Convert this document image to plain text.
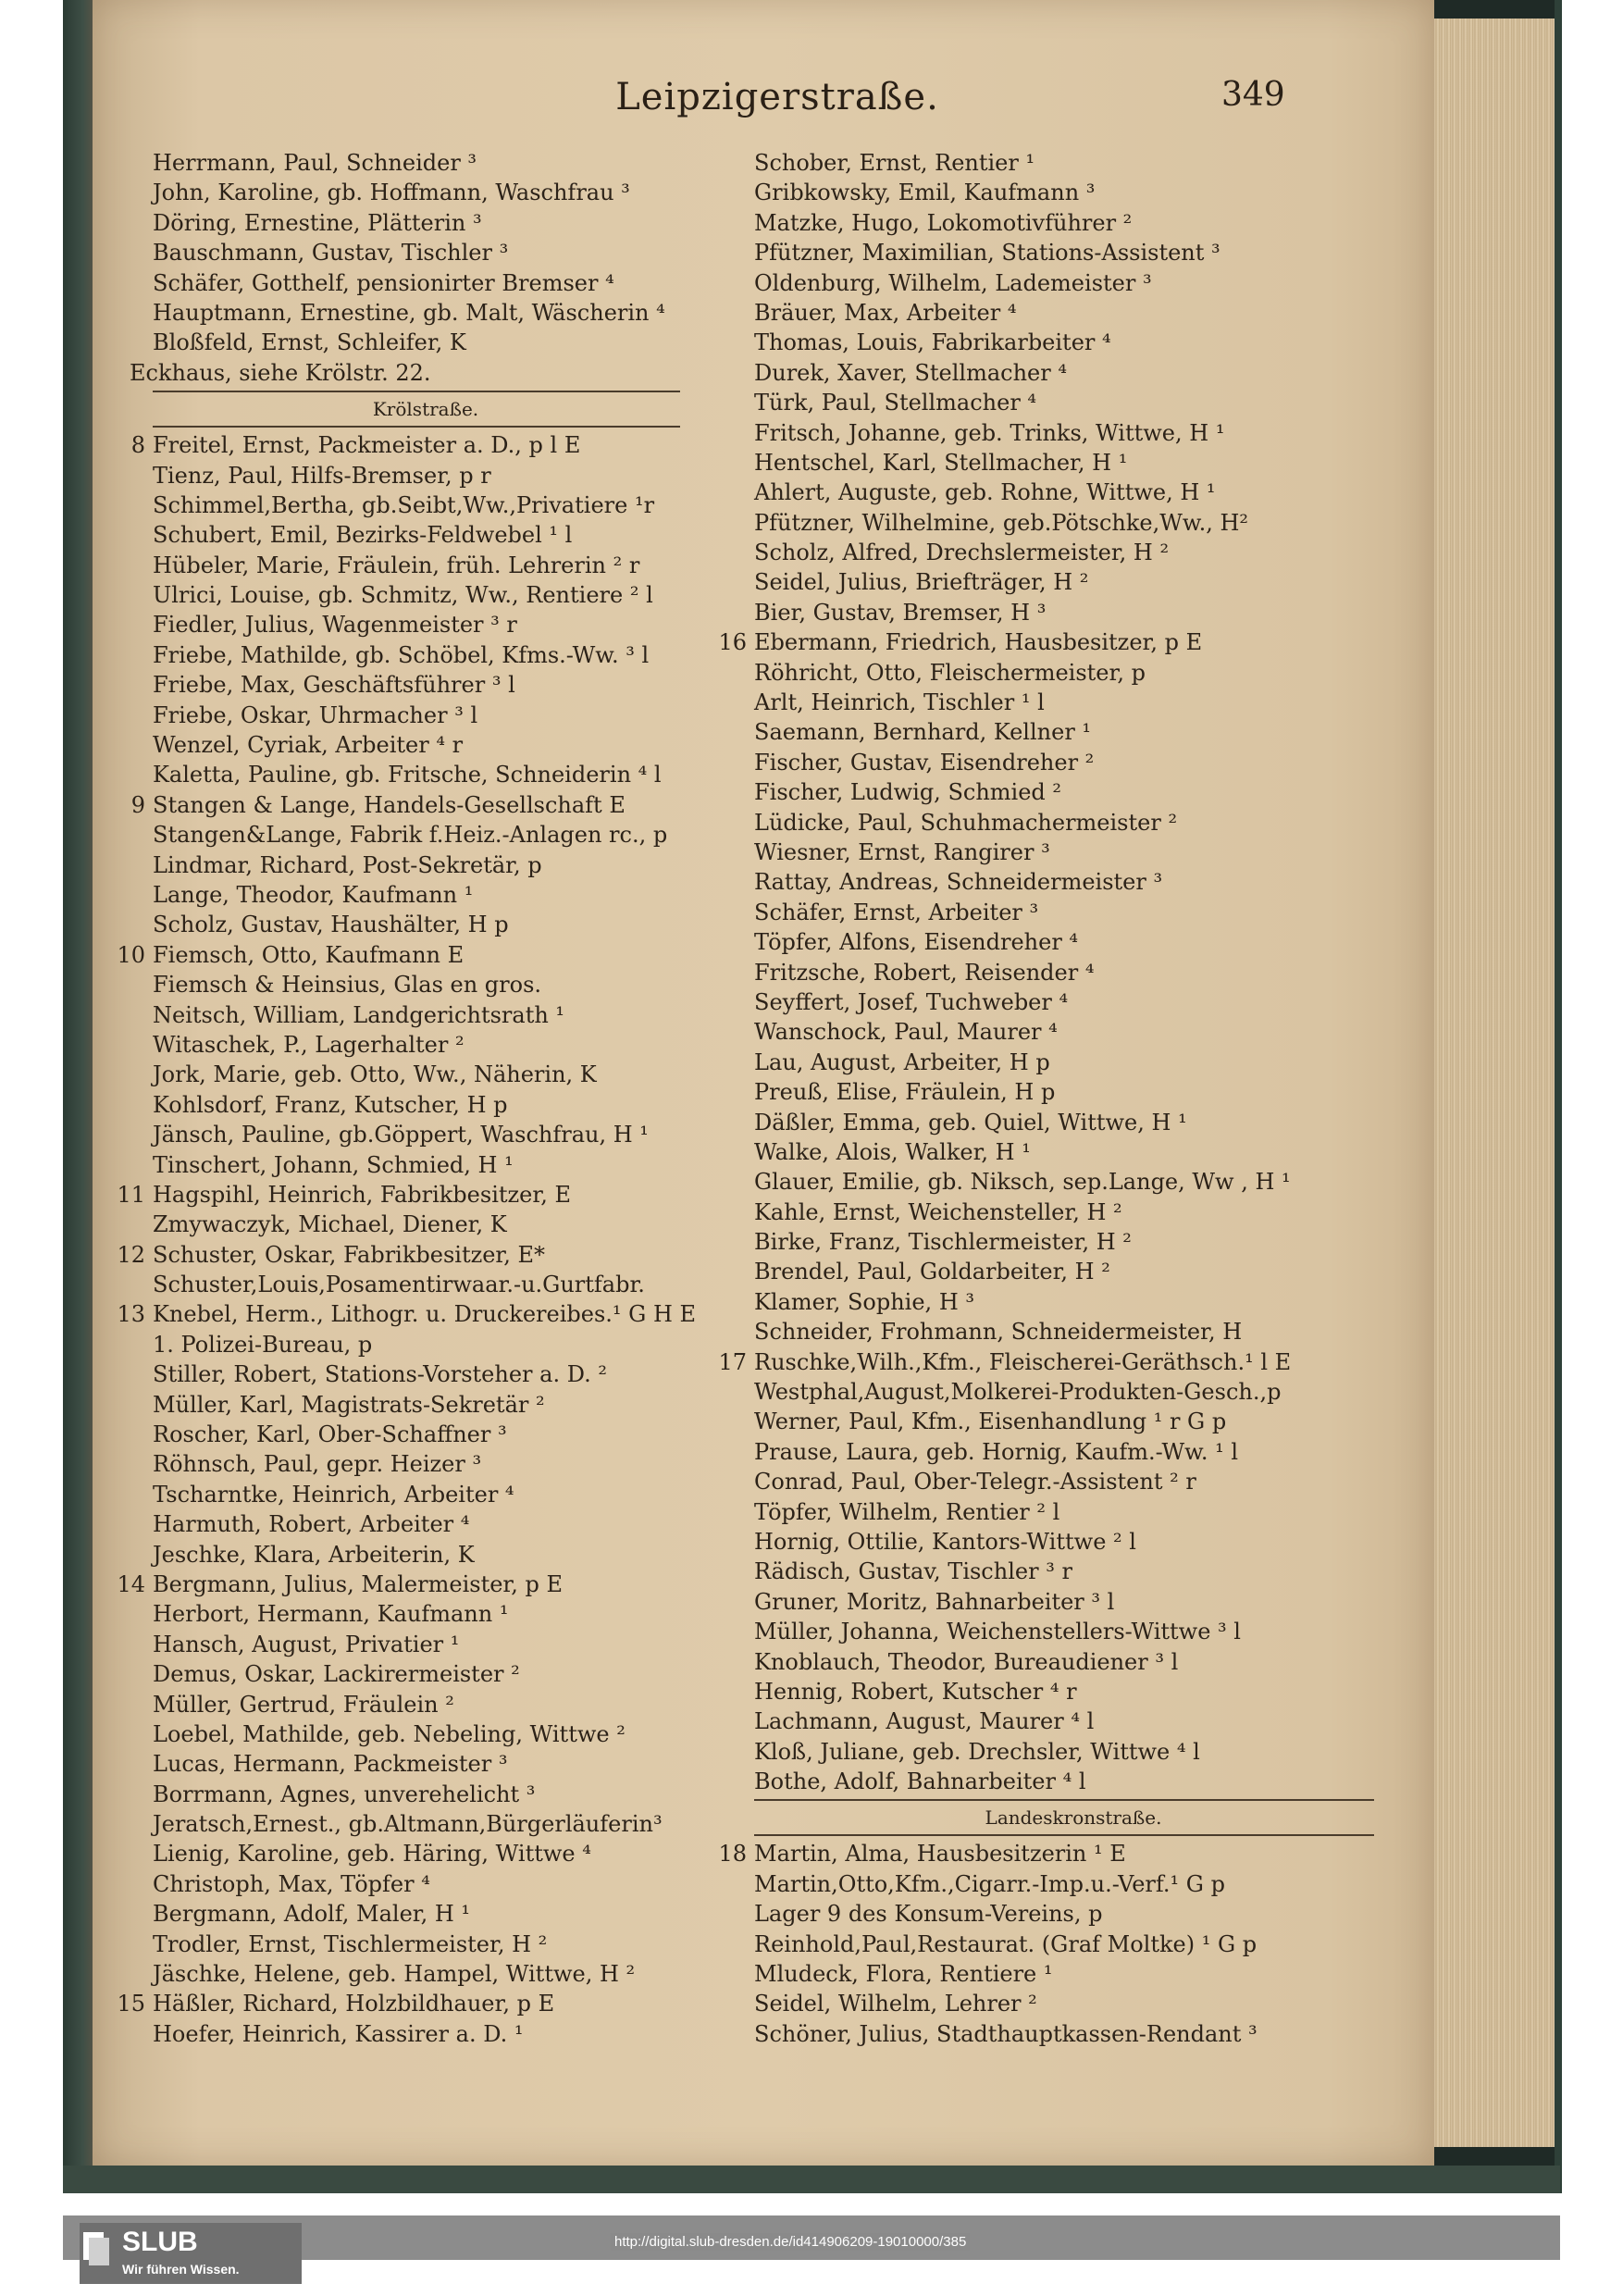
Leipzigerstraße.	349
Herrmann, Paul, Schneider ³
John, Karoline, gb. Hoffmann, Waschfrau ³
Döring, Ernestine, Plätterin ³
Bauschmann, Gustav, Tischler ³
Schäfer, Gotthelf, pensionirter Bremser ⁴
Hauptmann, Ernestine, gb. Malt, Wäscherin ⁴
Bloßfeld, Ernst, Schleifer, K
Eckhaus, siehe Krölstr. 22.
Krölstraße.
8 Freitel, Ernst, Packmeister a. D., p l E
Tienz, Paul, Hilfs-Bremser, p r
Schimmel,Bertha, gb.Seibt,Ww.,Privatiere ¹r
Schubert, Emil, Bezirks-Feldwebel ¹ l
Hübeler, Marie, Fräulein, früh. Lehrerin ² r
Ulrici, Louise, gb. Schmitz, Ww., Rentiere ² l
Fiedler, Julius, Wagenmeister ³ r
Friebe, Mathilde, gb. Schöbel, Kfms.-Ww. ³ l
Friebe, Max, Geschäftsführer ³ l
Friebe, Oskar, Uhrmacher ³ l
Wenzel, Cyriak, Arbeiter ⁴ r
Kaletta, Pauline, gb. Fritsche, Schneiderin ⁴ l
9 Stangen & Lange, Handels-Gesellschaft E
Stangen&Lange, Fabrik f.Heiz.-Anlagen rc., p
Lindmar, Richard, Post-Sekretär, p
Lange, Theodor, Kaufmann ¹
Scholz, Gustav, Haushälter, H p
10 Fiemsch, Otto, Kaufmann E
Fiemsch & Heinsius, Glas en gros.
Neitsch, William, Landgerichtsrath ¹
Witaschek, P., Lagerhalter ²
Jork, Marie, geb. Otto, Ww., Näherin, K
Kohlsdorf, Franz, Kutscher, H p
Jänsch, Pauline, gb.Göppert, Waschfrau, H ¹
Tinschert, Johann, Schmied, H ¹
11 Hagspihl, Heinrich, Fabrikbesitzer, E
Zmywaczyk, Michael, Diener, K
12 Schuster, Oskar, Fabrikbesitzer, E*
Schuster,Louis,Posamentirwaar.-u.Gurtfabr.
13 Knebel, Herm., Lithogr. u. Druckereibes.¹ G H E
1. Polizei-Bureau, p
Stiller, Robert, Stations-Vorsteher a. D. ²
Müller, Karl, Magistrats-Sekretär ²
Roscher, Karl, Ober-Schaffner ³
Röhnsch, Paul, gepr. Heizer ³
Tscharntke, Heinrich, Arbeiter ⁴
Harmuth, Robert, Arbeiter ⁴
Jeschke, Klara, Arbeiterin, K
14 Bergmann, Julius, Malermeister, p E
Herbort, Hermann, Kaufmann ¹
Hansch, August, Privatier ¹
Demus, Oskar, Lackirermeister ²
Müller, Gertrud, Fräulein ²
Loebel, Mathilde, geb. Nebeling, Wittwe ²
Lucas, Hermann, Packmeister ³
Borrmann, Agnes, unverehelicht ³
Jeratsch,Ernest., gb.Altmann,Bürgerläuferin³
Lienig, Karoline, geb. Häring, Wittwe ⁴
Christoph, Max, Töpfer ⁴
Bergmann, Adolf, Maler, H ¹
Trodler, Ernst, Tischlermeister, H ²
Jäschke, Helene, geb. Hampel, Wittwe, H ²
15 Häßler, Richard, Holzbildhauer, p E
Hoefer, Heinrich, Kassirer a. D. ¹
Schober, Ernst, Rentier ¹
Gribkowsky, Emil, Kaufmann ³
Matzke, Hugo, Lokomotivführer ²
Pfützner, Maximilian, Stations-Assistent ³
Oldenburg, Wilhelm, Lademeister ³
Bräuer, Max, Arbeiter ⁴
Thomas, Louis, Fabrikarbeiter ⁴
Durek, Xaver, Stellmacher ⁴
Türk, Paul, Stellmacher ⁴
Fritsch, Johanne, geb. Trinks, Wittwe, H ¹
Hentschel, Karl, Stellmacher, H ¹
Ahlert, Auguste, geb. Rohne, Wittwe, H ¹
Pfützner, Wilhelmine, geb.Pötschke,Ww., H²
Scholz, Alfred, Drechslermeister, H ²
Seidel, Julius, Briefträger, H ²
Bier, Gustav, Bremser, H ³
16 Ebermann, Friedrich, Hausbesitzer, p E
Röhricht, Otto, Fleischermeister, p
Arlt, Heinrich, Tischler ¹ l
Saemann, Bernhard, Kellner ¹
Fischer, Gustav, Eisendreher ²
Fischer, Ludwig, Schmied ²
Lüdicke, Paul, Schuhmachermeister ²
Wiesner, Ernst, Rangirer ³
Rattay, Andreas, Schneidermeister ³
Schäfer, Ernst, Arbeiter ³
Töpfer, Alfons, Eisendreher ⁴
Fritzsche, Robert, Reisender ⁴
Seyffert, Josef, Tuchweber ⁴
Wanschock, Paul, Maurer ⁴
Lau, August, Arbeiter, H p
Preuß, Elise, Fräulein, H p
Däßler, Emma, geb. Quiel, Wittwe, H ¹
Walke, Alois, Walker, H ¹
Glauer, Emilie, gb. Niksch, sep.Lange, Ww , H ¹
Kahle, Ernst, Weichensteller, H ²
Birke, Franz, Tischlermeister, H ²
Brendel, Paul, Goldarbeiter, H ²
Klamer, Sophie, H ³
Schneider, Frohmann, Schneidermeister, H
17 Ruschke,Wilh.,Kfm., Fleischerei-Geräthsch.¹ l E
Westphal,August,Molkerei-Produkten-Gesch.,p
Werner, Paul, Kfm., Eisenhandlung ¹ r G p
Prause, Laura, geb. Hornig, Kaufm.-Ww. ¹ l
Conrad, Paul, Ober-Telegr.-Assistent ² r
Töpfer, Wilhelm, Rentier ² l
Hornig, Ottilie, Kantors-Wittwe ² l
Rädisch, Gustav, Tischler ³ r
Gruner, Moritz, Bahnarbeiter ³ l
Müller, Johanna, Weichenstellers-Wittwe ³ l
Knoblauch, Theodor, Bureaudiener ³ l
Hennig, Robert, Kutscher ⁴ r
Lachmann, August, Maurer ⁴ l
Kloß, Juliane, geb. Drechsler, Wittwe ⁴ l
Bothe, Adolf, Bahnarbeiter ⁴ l
Landeskronstraße.
18 Martin, Alma, Hausbesitzerin ¹ E
Martin,Otto,Kfm.,Cigarr.-Imp.u.-Verf.¹ G p
Lager 9 des Konsum-Vereins, p
Reinhold,Paul,Restaurat. (Graf Moltke) ¹ G p
Mludeck, Flora, Rentiere ¹
Seidel, Wilhelm, Lehrer ²
Schöner, Julius, Stadthauptkassen-Rendant ³
SLUB
Wir führen Wissen.
http://digital.slub-dresden.de/id414906209-19010000/385
